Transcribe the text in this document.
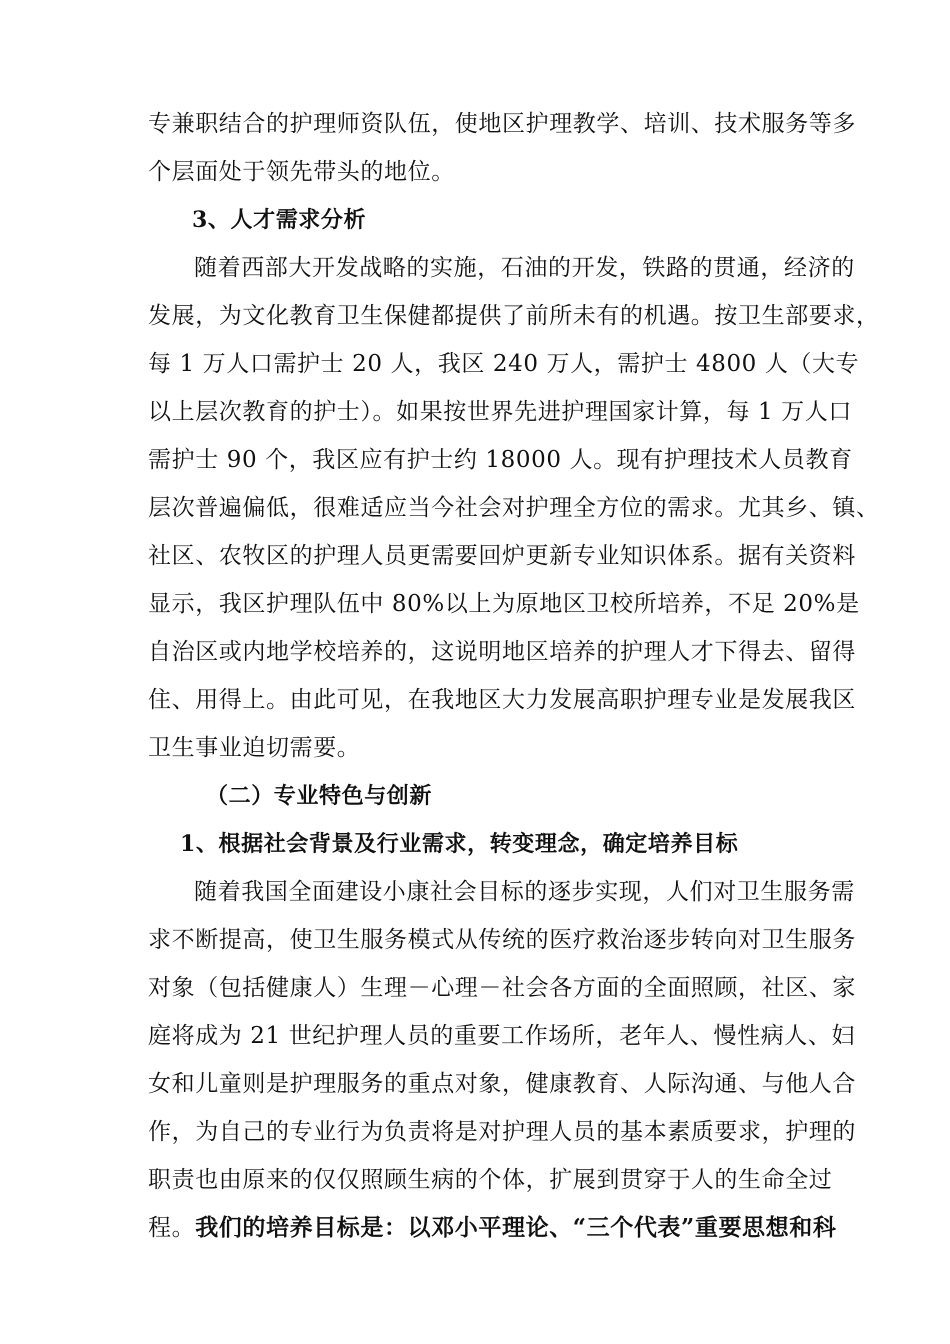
专兼职结合的护理师资队伍，使地区护理教学、培训、技术服务等多
个层面处于领先带头的地位。
3、人才需求分析
随着西部大开发战略的实施，石油的开发，铁路的贯通，经济的
发展，为文化教育卫生保健都提供了前所未有的机遇。按卫生部要求，
每 1 万人口需护士 20 人，我区 240 万人，需护士 4800 人（大专
以上层次教育的护士）。如果按世界先进护理国家计算，每 1 万人口
需护士 90 个，我区应有护士约 18000 人。现有护理技术人员教育
层次普遍偏低，很难适应当今社会对护理全方位的需求。尤其乡、镇、
社区、农牧区的护理人员更需要回炉更新专业知识体系。据有关资料
显示，我区护理队伍中 80%以上为原地区卫校所培养，不足 20%是
自治区或内地学校培养的，这说明地区培养的护理人才下得去、留得
住、用得上。由此可见，在我地区大力发展高职护理专业是发展我区
卫生事业迫切需要。
（二）专业特色与创新
1、根据社会背景及行业需求，转变理念，确定培养目标
随着我国全面建设小康社会目标的逐步实现，人们对卫生服务需
求不断提高，使卫生服务模式从传统的医疗救治逐步转向对卫生服务
对象（包括健康人）生理－心理－社会各方面的全面照顾，社区、家
庭将成为 21 世纪护理人员的重要工作场所，老年人、慢性病人、妇
女和儿童则是护理服务的重点对象，健康教育、人际沟通、与他人合
作，为自己的专业行为负责将是对护理人员的基本素质要求，护理的
职责也由原来的仅仅照顾生病的个体，扩展到贯穿于人的生命全过
程。我们的培养目标是：以邓小平理论、“三个代表”重要思想和科
